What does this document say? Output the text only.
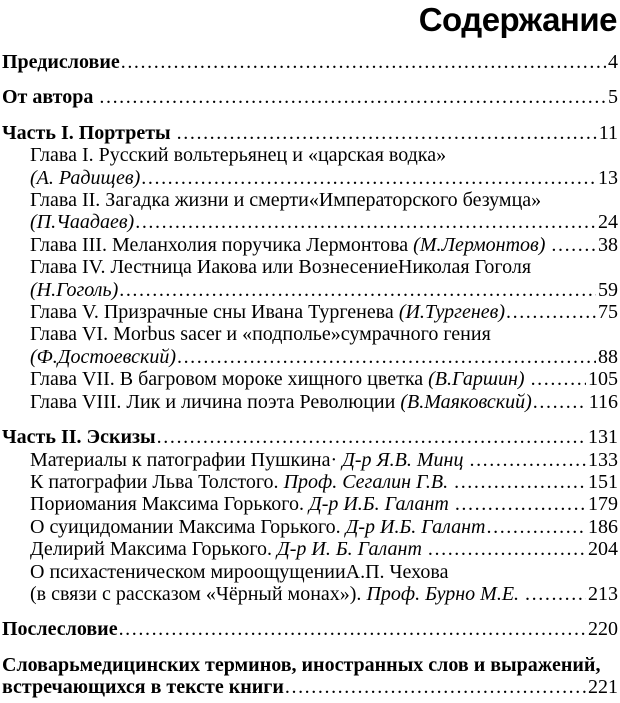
Содержание
Предисловие .....	4
От автора .....	5
Часть I. Портреты .....	11
Глава I. Русский вольтерьянец и «царская водка»
(А. Радищев) .....	13
Глава II. Загадка жизни и смерти«Императорского безумца»
(П.Чаадаев) .....	24
Глава III. Меланхолия поручика Лермонтова (М.Лермонтов)
.....	38
Глава IV. Лестница Иакова или ВознесениеНиколая Гоголя
(Н.Гоголь) .....	59
Глава V. Призрачные сны Ивана Тургенева (И.Тургенев) .....	75
Глава VI. Morbus sacer и «подполье»сумрачного гения
(Ф.Достоевский) .....	88
Глава VII. В багровом мороке хищного цветка (В.Гаршин)
.....	105
Глава VIII. Лик и личина поэта Революции (В.Маяковский) .....	116
Часть II. Эскизы .....	131
Материалы к патографии Пушкина· Д-р Я.В. Минц
.....	133
К патографии Льва Толстого. Проф. Сегалин Г.В.
.....	151
Пориомания Максима Горького. Д-р И.Б. Галант
.....	179
О суицидомании Максима Горького. Д-р И.Б. Галант .....	186
Делирий Максима Горького. Д-р И. Б. Галант
.....	204
О психастеническом мироощущенииА.П. Чехова
(в связи с рассказом «Чёрный монах»). Проф. Бурно М.Е.
.....	213
Послесловие .....	220
Словарьмедицинских терминов, иностранных слов и выражений,
встречающихся в тексте книги .....	221
